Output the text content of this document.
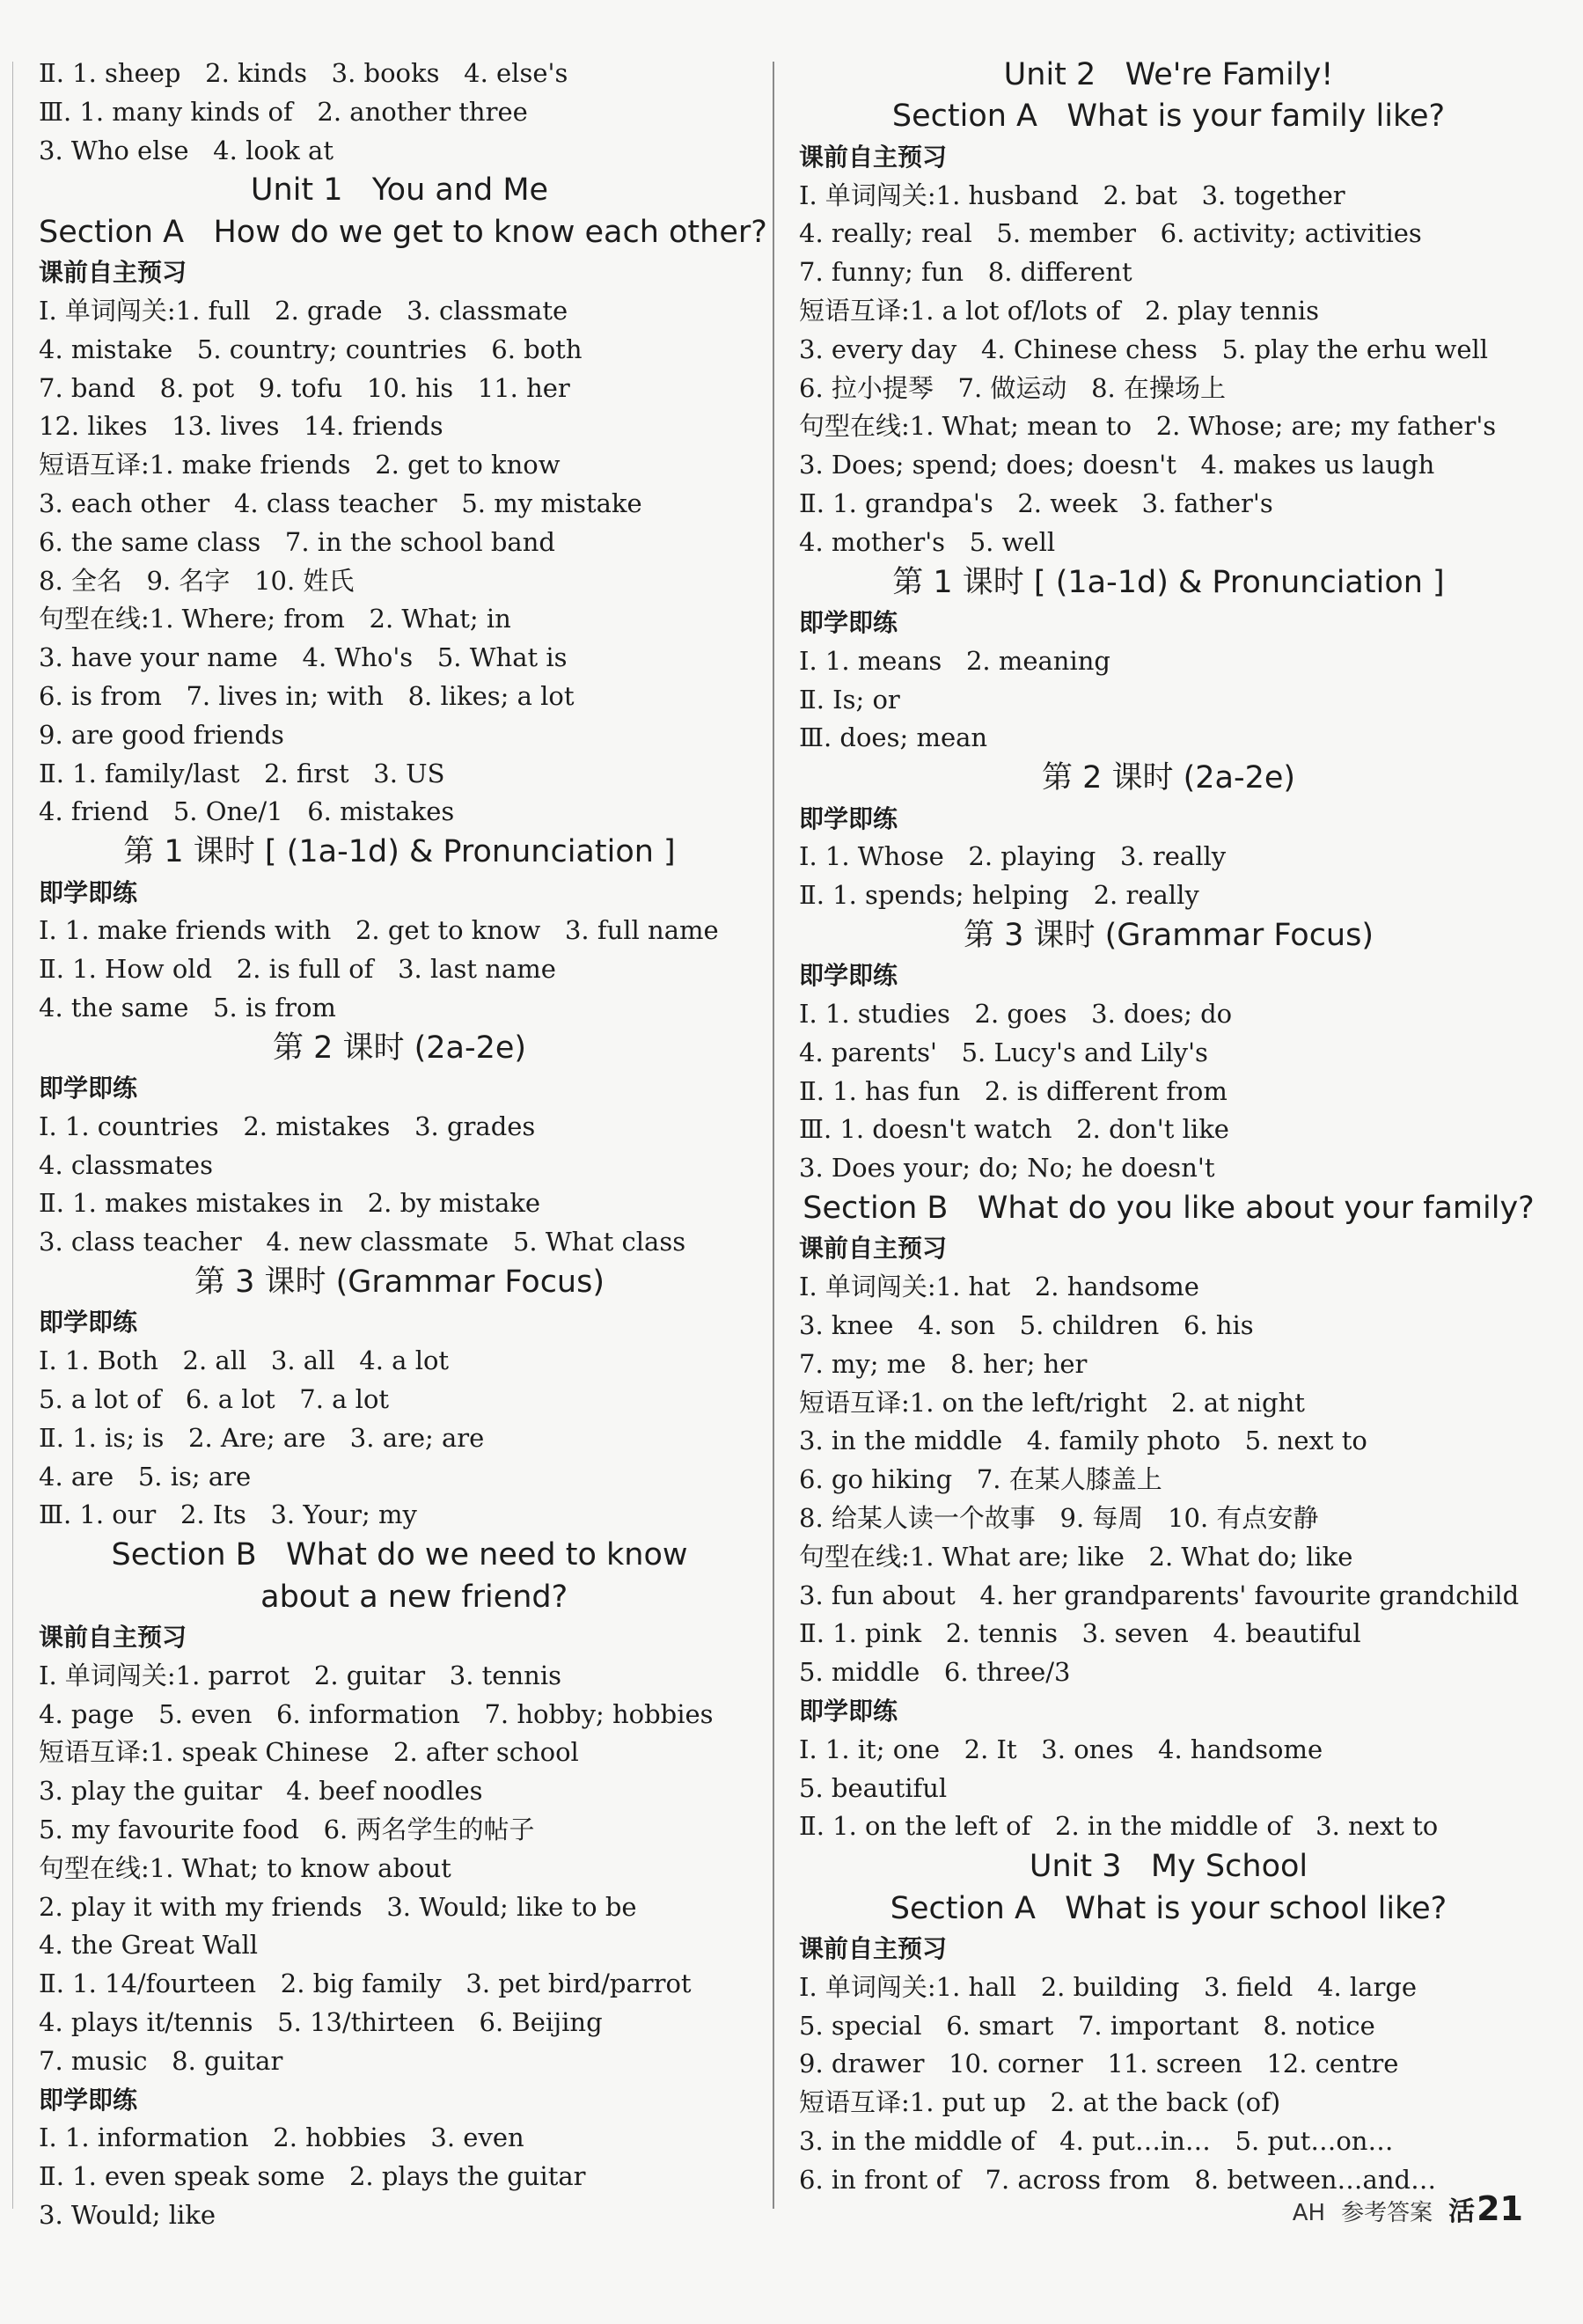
Ⅱ. 1. sheep   2. kinds   3. books   4. else's
Ⅲ. 1. many kinds of   2. another three
3. Who else   4. look at
Unit 1   You and Me
Section A   How do we get to know each other?
课前自主预习
Ⅰ. 单词闯关:1. full   2. grade   3. classmate
4. mistake   5. country; countries   6. both
7. band   8. pot   9. tofu   10. his   11. her
12. likes   13. lives   14. friends
短语互译:1. make friends   2. get to know
3. each other   4. class teacher   5. my mistake
6. the same class   7. in the school band
8. 全名   9. 名字   10. 姓氏
句型在线:1. Where; from   2. What; in
3. have your name   4. Who's   5. What is
6. is from   7. lives in; with   8. likes; a lot
9. are good friends
Ⅱ. 1. family/last   2. first   3. US
4. friend   5. One/1   6. mistakes
第 1 课时 [ (1a-1d) & Pronunciation ]
即学即练
Ⅰ. 1. make friends with   2. get to know   3. full name
Ⅱ. 1. How old   2. is full of   3. last name
4. the same   5. is from
第 2 课时 (2a-2e)
即学即练
Ⅰ. 1. countries   2. mistakes   3. grades
4. classmates
Ⅱ. 1. makes mistakes in   2. by mistake
3. class teacher   4. new classmate   5. What class
第 3 课时 (Grammar Focus)
即学即练
Ⅰ. 1. Both   2. all   3. all   4. a lot
5. a lot of   6. a lot   7. a lot
Ⅱ. 1. is; is   2. Are; are   3. are; are
4. are   5. is; are
Ⅲ. 1. our   2. Its   3. Your; my
Section B   What do we need to know
about a new friend?
课前自主预习
Ⅰ. 单词闯关:1. parrot   2. guitar   3. tennis
4. page   5. even   6. information   7. hobby; hobbies
短语互译:1. speak Chinese   2. after school
3. play the guitar   4. beef noodles
5. my favourite food   6. 两名学生的帖子
句型在线:1. What; to know about
2. play it with my friends   3. Would; like to be
4. the Great Wall
Ⅱ. 1. 14/fourteen   2. big family   3. pet bird/parrot
4. plays it/tennis   5. 13/thirteen   6. Beijing
7. music   8. guitar
即学即练
Ⅰ. 1. information   2. hobbies   3. even
Ⅱ. 1. even speak some   2. plays the guitar
3. Would; like
Unit 2   We're Family!
Section A   What is your family like?
课前自主预习
Ⅰ. 单词闯关:1. husband   2. bat   3. together
4. really; real   5. member   6. activity; activities
7. funny; fun   8. different
短语互译:1. a lot of/lots of   2. play tennis
3. every day   4. Chinese chess   5. play the erhu well
6. 拉小提琴   7. 做运动   8. 在操场上
句型在线:1. What; mean to   2. Whose; are; my father's
3. Does; spend; does; doesn't   4. makes us laugh
Ⅱ. 1. grandpa's   2. week   3. father's
4. mother's   5. well
第 1 课时 [ (1a-1d) & Pronunciation ]
即学即练
Ⅰ. 1. means   2. meaning
Ⅱ. Is; or
Ⅲ. does; mean
第 2 课时 (2a-2e)
即学即练
Ⅰ. 1. Whose   2. playing   3. really
Ⅱ. 1. spends; helping   2. really
第 3 课时 (Grammar Focus)
即学即练
Ⅰ. 1. studies   2. goes   3. does; do
4. parents'   5. Lucy's and Lily's
Ⅱ. 1. has fun   2. is different from
Ⅲ. 1. doesn't watch   2. don't like
3. Does your; do; No; he doesn't
Section B   What do you like about your family?
课前自主预习
Ⅰ. 单词闯关:1. hat   2. handsome
3. knee   4. son   5. children   6. his
7. my; me   8. her; her
短语互译:1. on the left/right   2. at night
3. in the middle   4. family photo   5. next to
6. go hiking   7. 在某人膝盖上
8. 给某人读一个故事   9. 每周   10. 有点安静
句型在线:1. What are; like   2. What do; like
3. fun about   4. her grandparents' favourite grandchild
Ⅱ. 1. pink   2. tennis   3. seven   4. beautiful
5. middle   6. three/3
即学即练
Ⅰ. 1. it; one   2. It   3. ones   4. handsome
5. beautiful
Ⅱ. 1. on the left of   2. in the middle of   3. next to
Unit 3   My School
Section A   What is your school like?
课前自主预习
Ⅰ. 单词闯关:1. hall   2. building   3. field   4. large
5. special   6. smart   7. important   8. notice
9. drawer   10. corner   11. screen   12. centre
短语互译:1. put up   2. at the back (of)
3. in the middle of   4. put…in…   5. put…on…
6. in front of   7. across from   8. between…and…
AH 参考答案 活 21
